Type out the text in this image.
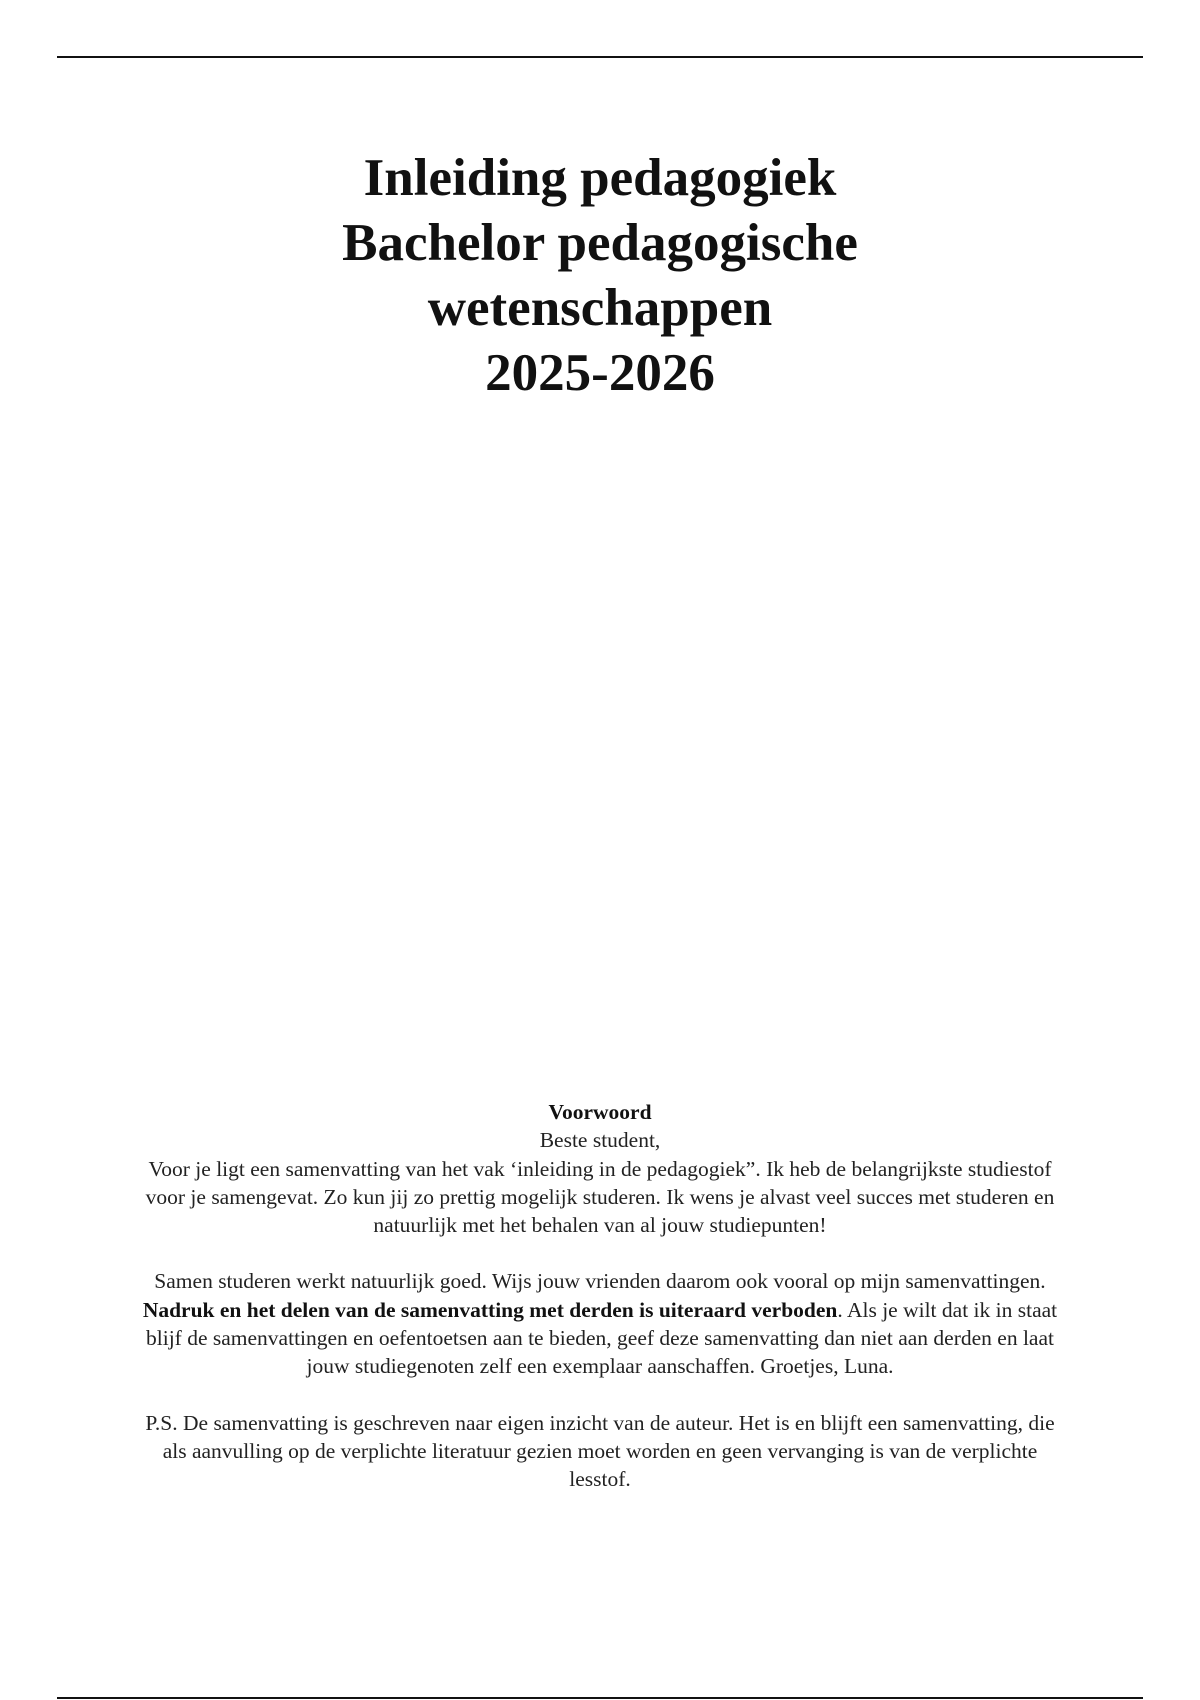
Inleiding pedagogiek
Bachelor pedagogische
wetenschappen
2025-2026

Voorwoord

Beste student,

Voor je ligt een samenvatting van het vak ‘inleiding in de pedagogiek”. Ik heb de belangrijkste studiestof voor je samengevat. Zo kun jij zo prettig mogelijk studeren. Ik wens je alvast veel succes met studeren en natuurlijk met het behalen van al jouw studiepunten!

Samen studeren werkt natuurlijk goed. Wijs jouw vrienden daarom ook vooral op mijn samenvattingen. Nadruk en het delen van de samenvatting met derden is uiteraard verboden. Als je wilt dat ik in staat blijf de samenvattingen en oefentoetsen aan te bieden, geef deze samenvatting dan niet aan derden en laat jouw studiegenoten zelf een exemplaar aanschaffen. Groetjes, Luna.

P.S. De samenvatting is geschreven naar eigen inzicht van de auteur. Het is en blijft een samenvatting, die als aanvulling op de verplichte literatuur gezien moet worden en geen vervanging is van de verplichte lesstof.
